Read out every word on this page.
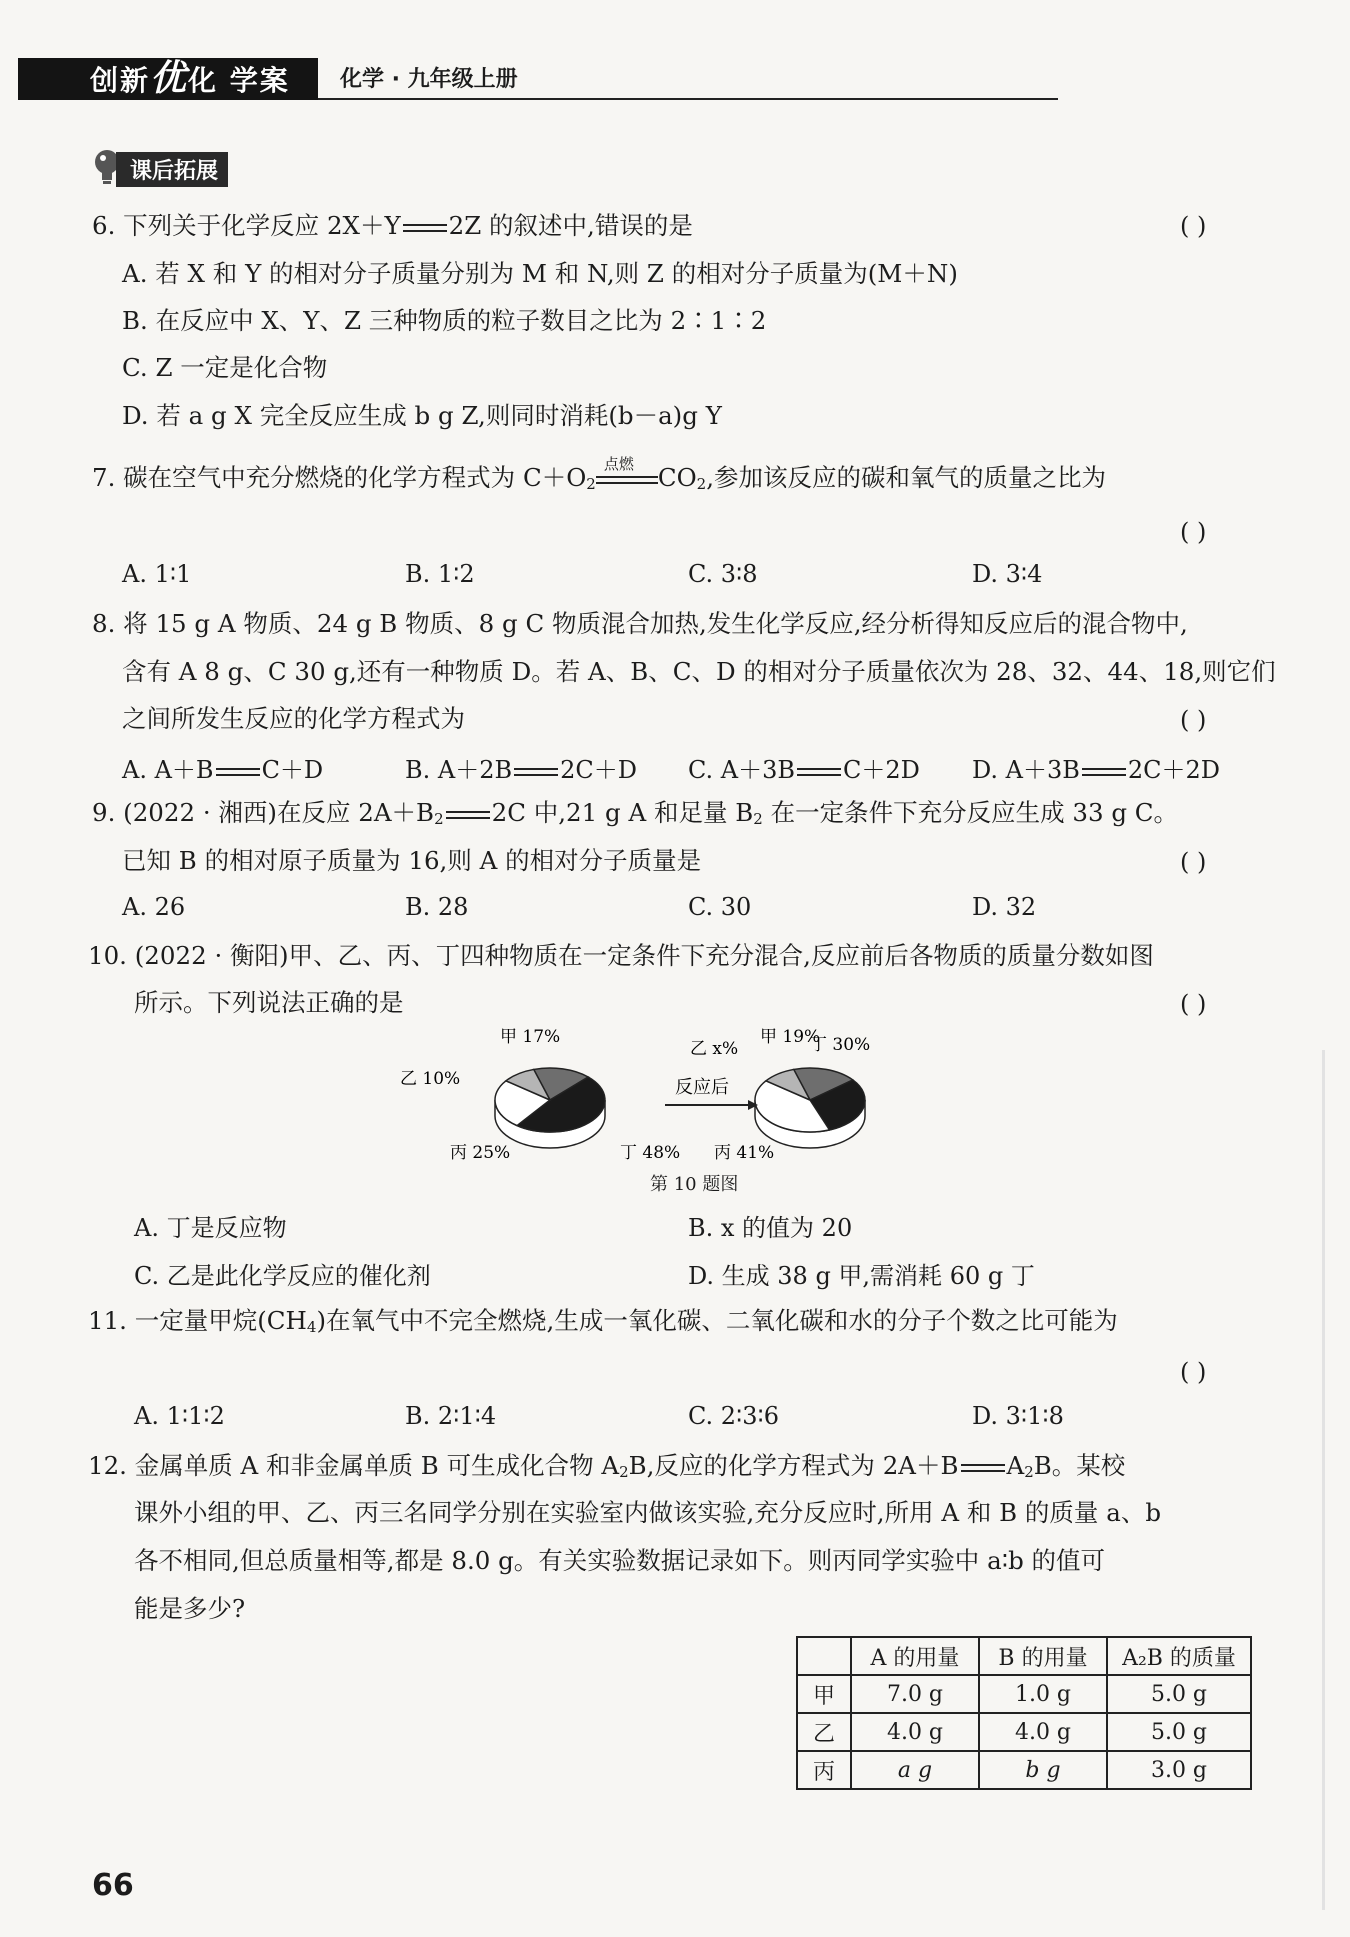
创新优化 学案	化学 · 九年级上册
课后拓展
6. 下列关于化学反应 2X＋Y 2Z 的叙述中,错误的是	( )
A. 若 X 和 Y 的相对分子质量分别为 M 和 N,则 Z 的相对分子质量为(M＋N)
B. 在反应中 X、Y、Z 三种物质的粒子数目之比为 2∶1∶2
C. Z 一定是化合物
D. 若 a g X 完全反应生成 b g Z,则同时消耗(b－a)g Y
7. 碳在空气中充分燃烧的化学方程式为 $C+O_2$
点燃 $CO_2$,参加该反应的碳和氧气的质量之比为
( )
A. 1∶1	B. 1∶2	C. 3∶8	D. 3∶4
8. 将 15 g A 物质、24 g B 物质、8 g C 物质混合加热,发生化学反应,经分析得知反应后的混合物中,
含有 A 8 g、C 30 g,还有一种物质 D。若 A、B、C、D 的相对分子质量依次为 28、32、44、18,则它们
之间所发生反应的化学方程式为	( )
A. A＋B C＋D	B. A＋2B 2C＋D C. A＋3B C＋2D D. A＋3B 2C＋2D
9. (2022 · 湘西)在反应 $2A+B_2$ 2C 中,21 g A 和足量 $B_2$ 在一定条件下充分反应生成 33 g C。
已知 B 的相对原子质量为 16,则 A 的相对分子质量是	( )
A. 26	B. 28	C. 30	D. 32
10. (2022 · 衡阳)甲、乙、丙、丁四种物质在一定条件下充分混合,反应前后各物质的质量分数如图
所示。下列说法正确的是	( )
反应后
甲 17%
丁 48%
丙 25%
乙 10%
甲 19%
丁 30%
丙 41%
乙 x%
第 10 题图
A. 丁是反应物	B. x 的值为 20
C. 乙是此化学反应的催化剂	D. 生成 38 g 甲,需消耗 60 g 丁
11. 一定量甲烷$(CH_4)$在氧气中不完全燃烧,生成一氧化碳、二氧化碳和水的分子个数之比可能为
( )
A. 1∶1∶2	B. 2∶1∶4	C. 2∶3∶6	D. 3∶1∶8
12. 金属单质 A 和非金属单质 B 可生成化合物 $A_2B$,反应的化学方程式为 2A＋B $A_2B$。某校
课外小组的甲、乙、丙三名同学分别在实验室内做该实验,充分反应时,所用 A 和 B 的质量 a、b
各不相同,但总质量相等,都是 8.0 g。有关实验数据记录如下。则丙同学实验中 a∶b 的值可
能是多少?
	A 的用量	B 的用量	A₂B 的质量
甲	7.0 g	1.0 g	5.0 g
乙	4.0 g	4.0 g	5.0 g
丙	a g	b g	3.0 g
66
